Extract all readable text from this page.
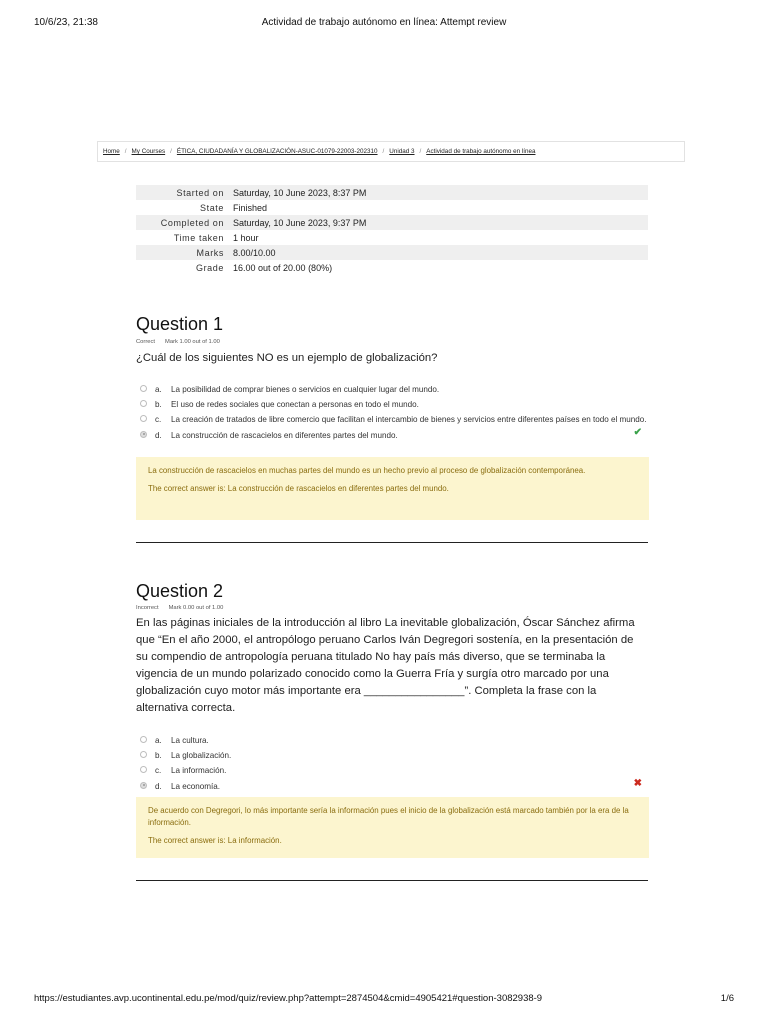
10/6/23, 21:38	Actividad de trabajo autónomo en línea: Attempt review
Home / My Courses / ÉTICA, CIUDADANÍA Y GLOBALIZACIÓN-ASUC-01079-22003-202310 / Unidad 3 / Actividad de trabajo autónomo en línea
Started on	Saturday, 10 June 2023, 8:37 PM
State	Finished
Completed on	Saturday, 10 June 2023, 9:37 PM
Time taken	1 hour
Marks	8.00/10.00
Grade	16.00 out of 20.00 (80%)
Question 1
Correct Mark 1.00 out of 1.00

¿Cuál de los siguientes NO es un ejemplo de globalización?

a. La posibilidad de comprar bienes o servicios en cualquier lugar del mundo.
b. El uso de redes sociales que conectan a personas en todo el mundo.
c. La creación de tratados de libre comercio que facilitan el intercambio de bienes y servicios entre diferentes países en todo el mundo.
d. La construcción de rascacielos en diferentes partes del mundo.	✔

La construcción de rascacielos en muchas partes del mundo es un hecho previo al proceso de globalización contemporánea.

The correct answer is: La construcción de rascacielos en diferentes partes del mundo.

Question 2
Incorrect Mark 0.00 out of 1.00

En las páginas iniciales de la introducción al libro La inevitable globalización, Óscar Sánchez afirma que “En el año 2000, el antropólogo peruano Carlos Iván Degregori sostenía, en la presentación de su compendio de antropología peruana titulado No hay país más diverso, que se terminaba la vigencia de un mundo polarizado conocido como la Guerra Fría y surgía otro marcado por una globalización cuyo motor más importante era ________________”. Completa la frase con la alternativa correcta.

a. La cultura.
b. La globalización.
c. La información.
d. La economía.	✖

De acuerdo con Degregori, lo más importante sería la información pues el inicio de la globalización está marcado también por la era de la información.

The correct answer is: La información.

https://estudiantes.avp.ucontinental.edu.pe/mod/quiz/review.php?attempt=2874504&cmid=4905421#question-3082938-9	1/6
